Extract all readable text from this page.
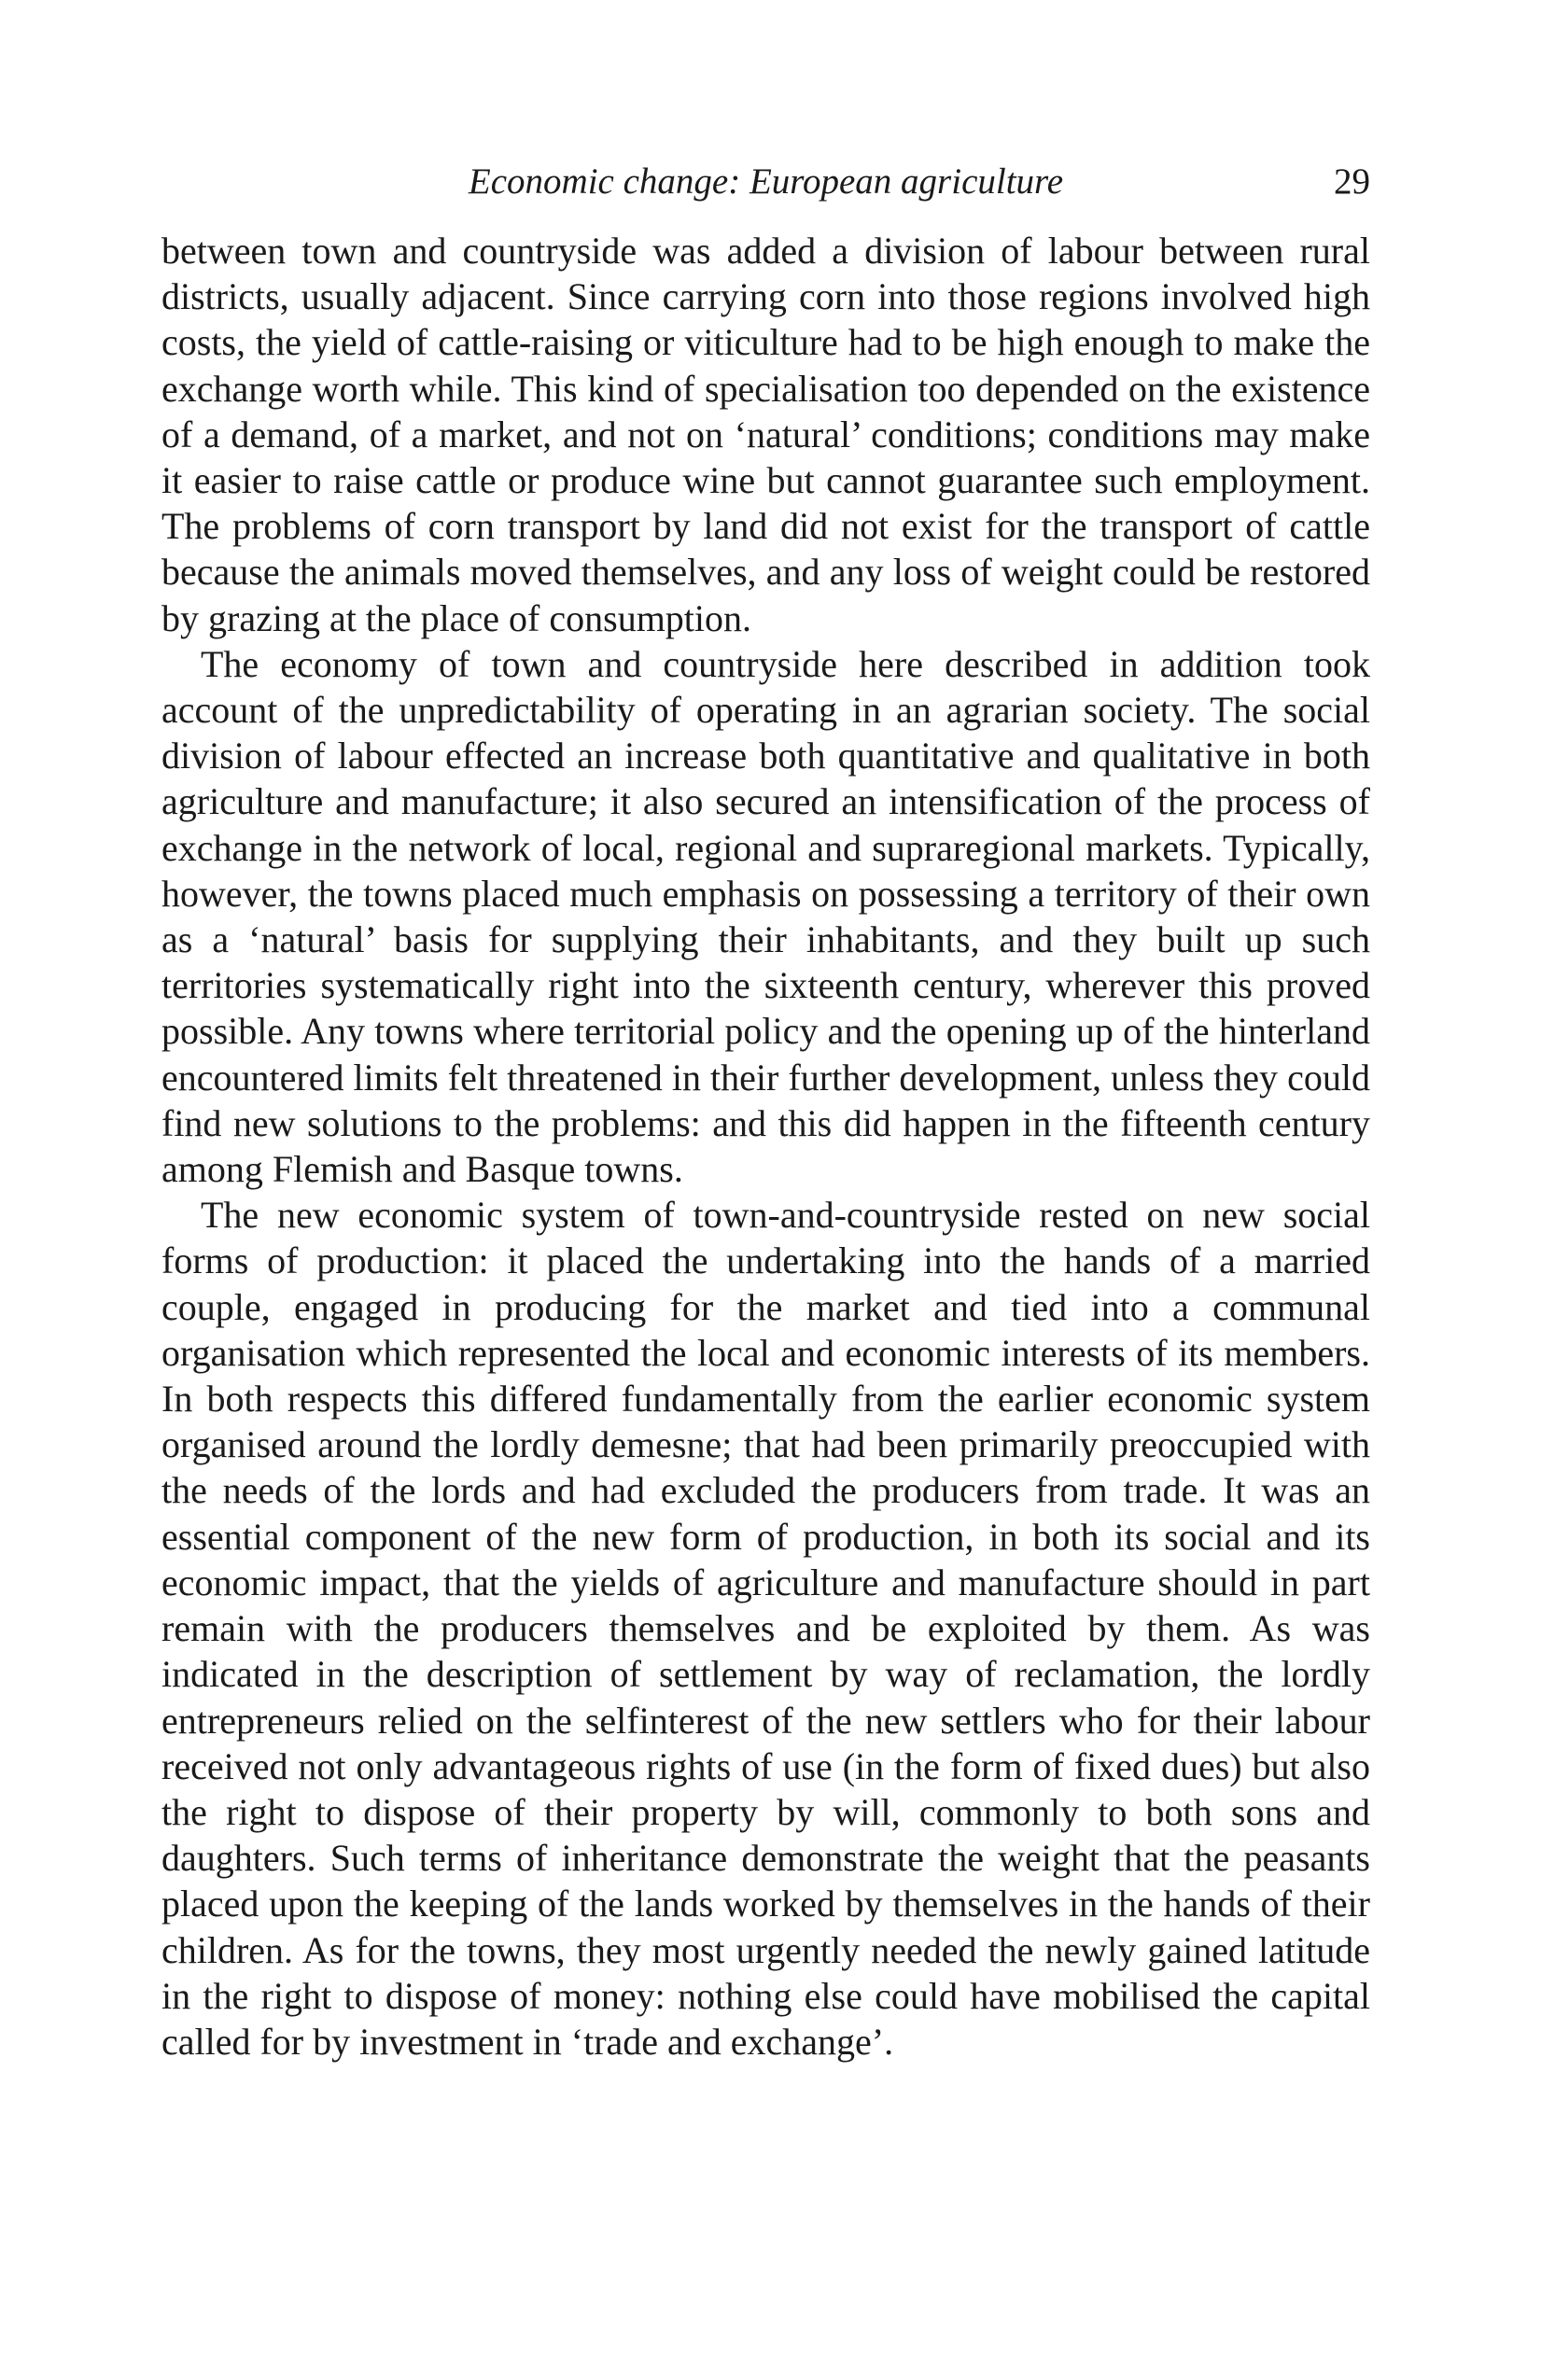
Economic change: European agriculture	29

between town and countryside was added a division of labour between rural districts, usually adjacent. Since carrying corn into those regions involved high costs, the yield of cattle-raising or viticulture had to be high enough to make the exchange worth while. This kind of specialisation too depended on the existence of a demand, of a market, and not on ‘natural’ conditions; conditions may make it easier to raise cattle or produce wine but cannot guarantee such employment. The problems of corn transport by land did not exist for the transport of cattle because the animals moved themselves, and any loss of weight could be restored by grazing at the place of consumption.

The economy of town and countryside here described in addition took account of the unpredictability of operating in an agrarian society. The social division of labour effected an increase both quantitative and qualitative in both agriculture and manufacture; it also secured an intensification of the process of exchange in the network of local, regional and supraregional markets. Typically, however, the towns placed much emphasis on possessing a territory of their own as a ‘natural’ basis for supplying their inhabitants, and they built up such territories systematically right into the sixteenth century, wherever this proved possible. Any towns where territorial policy and the opening up of the hinterland encountered limits felt threatened in their further development, unless they could find new solutions to the problems: and this did happen in the fifteenth century among Flemish and Basque towns.

The new economic system of town-and-countryside rested on new social forms of production: it placed the undertaking into the hands of a married couple, engaged in producing for the market and tied into a communal organisation which represented the local and economic interests of its members. In both respects this differed fundamentally from the earlier economic system organised around the lordly demesne; that had been primarily preoccupied with the needs of the lords and had excluded the producers from trade. It was an essential component of the new form of production, in both its social and its economic impact, that the yields of agriculture and manufacture should in part remain with the producers themselves and be exploited by them. As was indicated in the description of settlement by way of reclamation, the lordly entrepreneurs relied on the selfinterest of the new settlers who for their labour received not only advantageous rights of use (in the form of fixed dues) but also the right to dispose of their property by will, commonly to both sons and daughters. Such terms of inheritance demonstrate the weight that the peasants placed upon the keeping of the lands worked by themselves in the hands of their children. As for the towns, they most urgently needed the newly gained latitude in the right to dispose of money: nothing else could have mobilised the capital called for by investment in ‘trade and exchange’.
